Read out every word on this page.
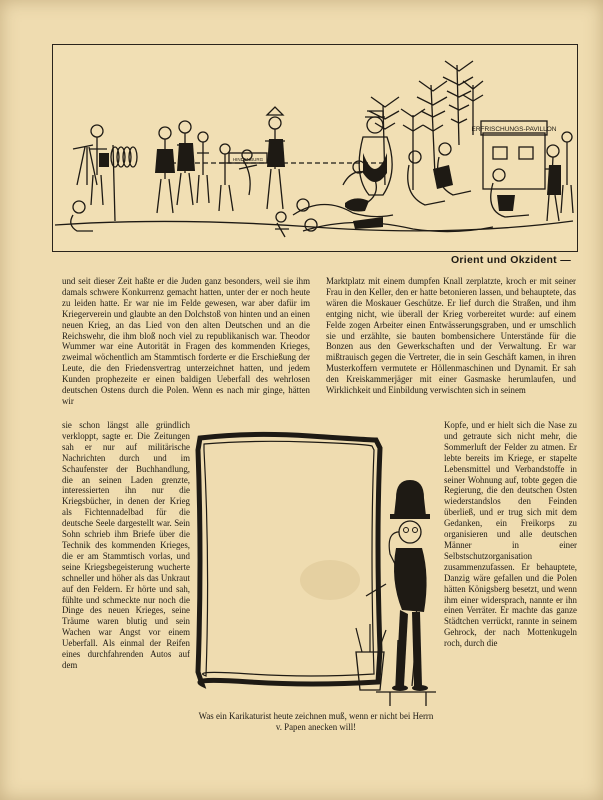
ERFRISCHUNGS-PAVILLON
HINDENBURG
Orient und Okzident —

und seit dieser Zeit haßte er die Juden ganz besonders, weil sie ihm damals schwere Konkurrenz gemacht hatten, unter der er noch heute zu leiden hatte. Er war nie im Felde gewesen, war aber dafür im Kriegerverein und glaubte an den Dolchstoß von hinten und an einen neuen Krieg, an das Lied von den alten Deutschen und an die Reichswehr, die ihm bloß noch viel zu republikanisch war. Theodor Wummer war eine Autorität in Fragen des kommenden Krieges, zweimal wöchentlich am Stammtisch forderte er die Erschießung der Leute, die den Friedensvertrag unterzeichnet hatten, und jedem Kunden prophezeite er einen baldigen Ueberfall des wehrlosen deutschen Ostens durch die Polen. Wenn es nach mir ginge, hätten wir

Marktplatz mit einem dumpfen Knall zerplatzte, kroch er mit seiner Frau in den Keller, den er hatte betonieren lassen, und behauptete, das wären die Moskauer Geschütze. Er lief durch die Straßen, und ihm entging nicht, wie überall der Krieg vorbereitet wurde: auf einem Felde zogen Arbeiter einen Entwässerungsgraben, und er umschlich sie und erzählte, sie bauten bombensichere Unterstände für die Bonzen aus den Gewerkschaften und der Verwaltung. Er war mißtrauisch gegen die Vertreter, die in sein Geschäft kamen, in ihren Musterkoffern vermutete er Höllenmaschinen und Dynamit. Er sah den Kreiskammerjäger mit einer Gasmaske herumlaufen, und Wirklichkeit und Einbildung verwischten sich in seinem

sie schon längst alle gründlich verkloppt, sagte er. Die Zeitungen sah er nur auf militärische Nachrichten durch und im Schaufenster der Buchhandlung, die an seinen Laden grenzte, interessierten ihn nur die Kriegsbücher, in denen der Krieg als Fichtennadelbad für die deutsche Seele dargestellt war. Sein Sohn schrieb ihm Briefe über die Technik des kommenden Krieges, die er am Stammtisch vorlas, und seine Kriegsbegeisterung wucherte schneller und höher als das Unkraut auf den Feldern. Er hörte und sah, fühlte und schmeckte nur noch die Dinge des neuen Krieges, seine Träume waren blutig und sein Wachen war Angst vor einem Ueberfall. Als einmal der Reifen eines durchfahrenden Autos auf dem

Kopfe, und er hielt sich die Nase zu und getraute sich nicht mehr, die Sommerluft der Felder zu atmen. Er lebte bereits im Kriege, er stapelte Lebensmittel und Verbandstoffe in seiner Wohnung auf, tobte gegen die Regierung, die den deutschen Osten wiederstandslos den Feinden überließ, und er trug sich mit dem Gedanken, ein Freikorps zu organisieren und alle deutschen Männer in einer Selbstschutzorganisation zusammenzufassen. Er behauptete, Danzig wäre gefallen und die Polen hätten Königsberg besetzt, und wenn ihm einer widersprach, nannte er ihn einen Verräter. Er machte das ganze Städtchen verrückt, rannte in seinem Gehrock, der nach Mottenkugeln roch, durch die

Was ein Karikaturist heute zeichnen muß, wenn er nicht bei Herrn v. Papen anecken will!
